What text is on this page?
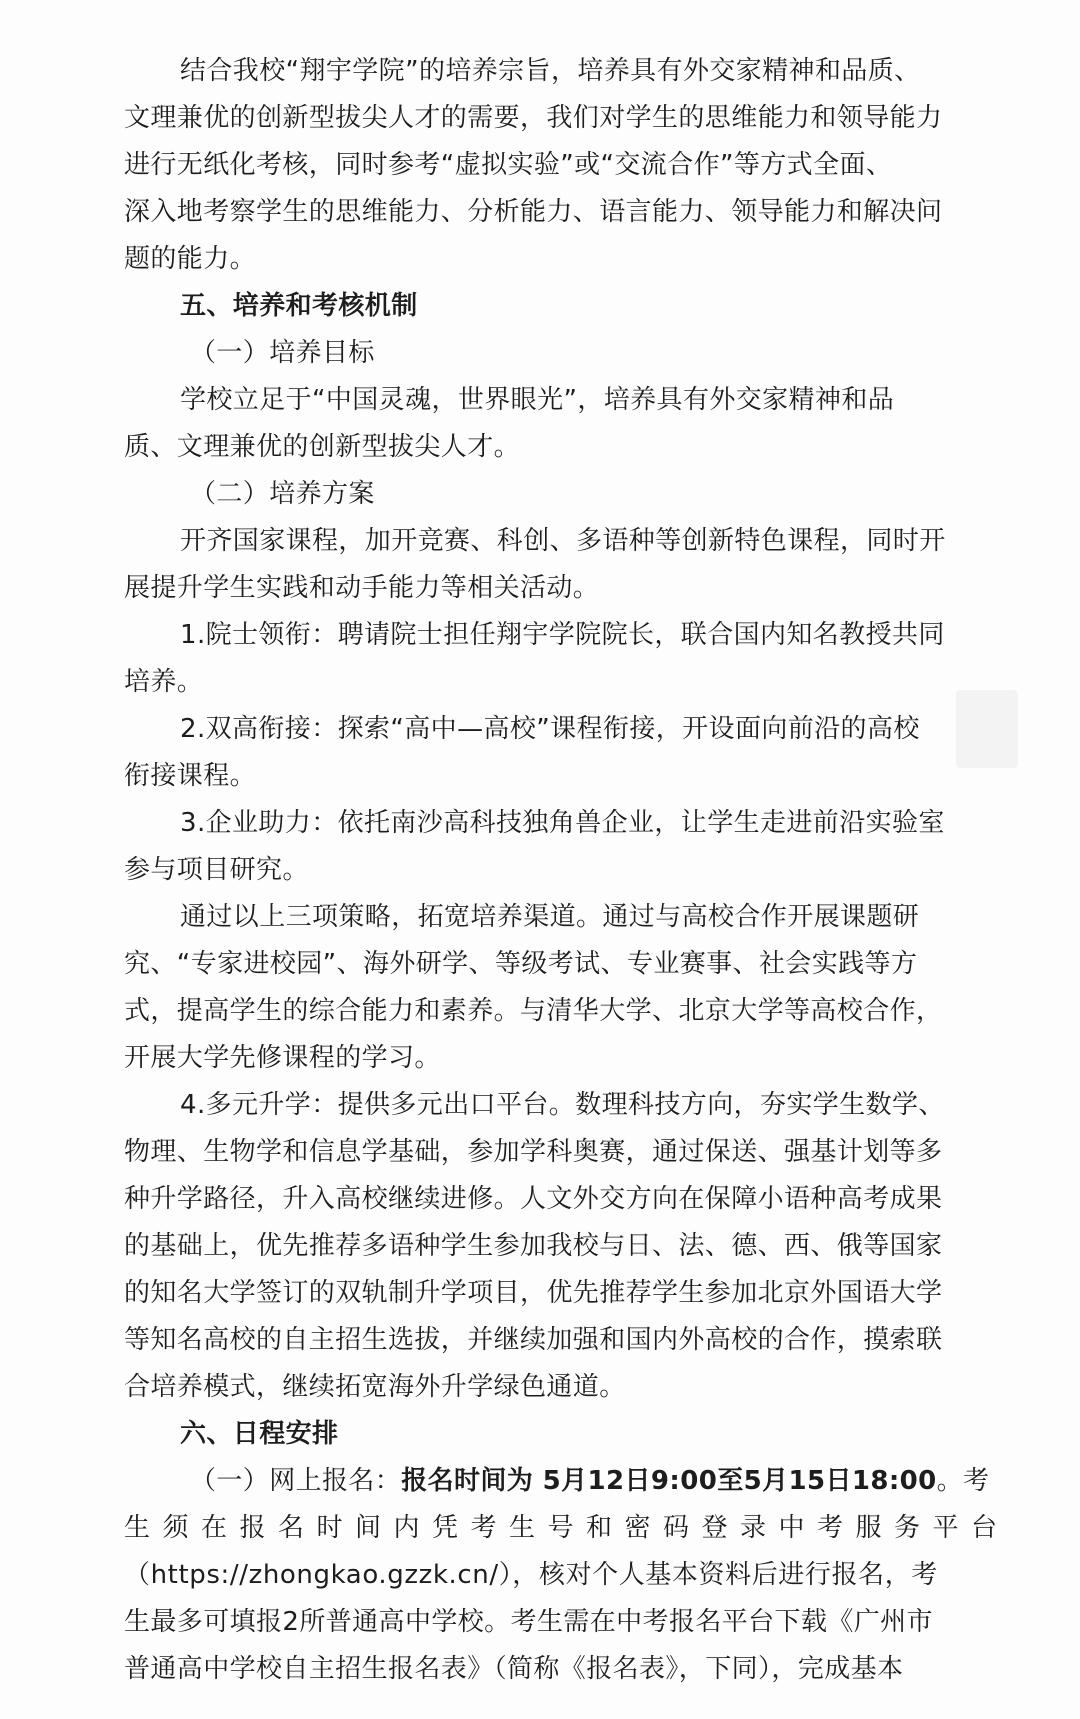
结合我校“翔宇学院”的培养宗旨，培养具有外交家精神和品质、
文理兼优的创新型拔尖人才的需要，我们对学生的思维能力和领导能力
进行无纸化考核，同时参考“虚拟实验”或“交流合作”等方式全面、
深入地考察学生的思维能力、分析能力、语言能力、领导能力和解决问
题的能力。
五、培养和考核机制
（一）培养目标
学校立足于“中国灵魂，世界眼光”，培养具有外交家精神和品
质、文理兼优的创新型拔尖人才。
（二）培养方案
开齐国家课程，加开竞赛、科创、多语种等创新特色课程，同时开
展提升学生实践和动手能力等相关活动。
1.院士领衔：聘请院士担任翔宇学院院长，联合国内知名教授共同
培养。
2.双高衔接：探索“高中—高校”课程衔接，开设面向前沿的高校
衔接课程。
3.企业助力：依托南沙高科技独角兽企业，让学生走进前沿实验室
参与项目研究。
通过以上三项策略，拓宽培养渠道。通过与高校合作开展课题研
究、“专家进校园”、海外研学、等级考试、专业赛事、社会实践等方
式，提高学生的综合能力和素养。与清华大学、北京大学等高校合作，
开展大学先修课程的学习。
4.多元升学：提供多元出口平台。数理科技方向，夯实学生数学、
物理、生物学和信息学基础，参加学科奥赛，通过保送、强基计划等多
种升学路径，升入高校继续进修。人文外交方向在保障小语种高考成果
的基础上，优先推荐多语种学生参加我校与日、法、德、西、俄等国家
的知名大学签订的双轨制升学项目，优先推荐学生参加北京外国语大学
等知名高校的自主招生选拔，并继续加强和国内外高校的合作，摸索联
合培养模式，继续拓宽海外升学绿色通道。
六、日程安排
（一）网上报名：报名时间为 5月12日9:00至5月15日18:00。考
生须在报名时间内凭考生号和密码登录中考服务平台
（https://zhongkao.gzzk.cn/），核对个人基本资料后进行报名，考
生最多可填报2所普通高中学校。考生需在中考报名平台下载《广州市
普通高中学校自主招生报名表》（简称《报名表》，下同），完成基本
